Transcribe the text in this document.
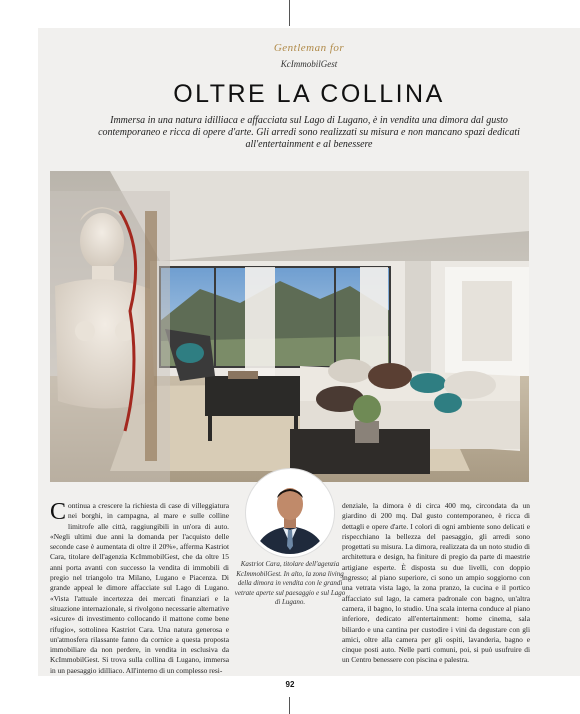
Gentleman for
KcImmobilGest
OLTRE LA COLLINA
Immersa in una natura idilliaca e affacciata sul Lago di Lugano, è in vendita una dimora dal gusto contemporaneo e ricca di opere d'arte. Gli arredi sono realizzati su misura e non mancano spazi dedicati all'entertainment e al benessere
C ontinua a crescere la richiesta di case di villeggiatura nei borghi, in campagna, al mare e sulle colline limitrofe alle città, raggiungibili in un'ora di auto. «Negli ultimi due anni la domanda per l'acquisto delle seconde case è aumentata di oltre il 20%», afferma Kastriot Cara, titolare dell'agenzia KcImmobilGest, che da oltre 15 anni porta avanti con successo la vendita di immobili di pregio nel triangolo tra Milano, Lugano e Piacenza. Di grande appeal le dimore affacciate sul Lago di Lugano. «Vista l'attuale incertezza dei mercati finanziari e la situazione internazionale, si rivolgono necessarie alternative «sicure» di investimento collocando il mattone come bene rifugio», sottolinea Kastriot Cara. Una natura generosa e un'atmosfera rilassante fanno da cornice a questa proposta immobiliare da non perdere, in vendita in esclusiva da KcImmobilGest. Si trova sulla collina di Lugano, immersa in un paesaggio idilliaco. All'interno di un complesso resi-
Kastriot Cara, titolare dell'agenzia KcImmobilGest. In alto, la zona living della dimora in vendita con le grandi vetrate aperte sul paesaggio e sul Lago di Lugano.
denziale, la dimora è di circa 400 mq, circondata da un giardino di 200 mq. Dal gusto contemporaneo, è ricca di dettagli e opere d'arte. I colori di ogni ambiente sono delicati e rispecchiano la bellezza del paesaggio, gli arredi sono progettati su misura. La dimora, realizzata da un noto studio di architettura e design, ha finiture di pregio da parte di maestrie artigiane esperte. È disposta su due livelli, con doppio ingresso; al piano superiore, ci sono un ampio soggiorno con una vetrata vista lago, la zona pranzo, la cucina e il portico affacciato sul lago, la camera padronale con bagno, un'altra camera, il bagno, lo studio. Una scala interna conduce al piano inferiore, dedicato all'entertainment: home cinema, sala biliardo e una cantina per custodire i vini da degustare con gli amici, oltre alla camera per gli ospiti, lavanderia, bagno e cinque posti auto. Nelle parti comuni, poi, si può usufruire di un Centro benessere con piscina e palestra.
92
